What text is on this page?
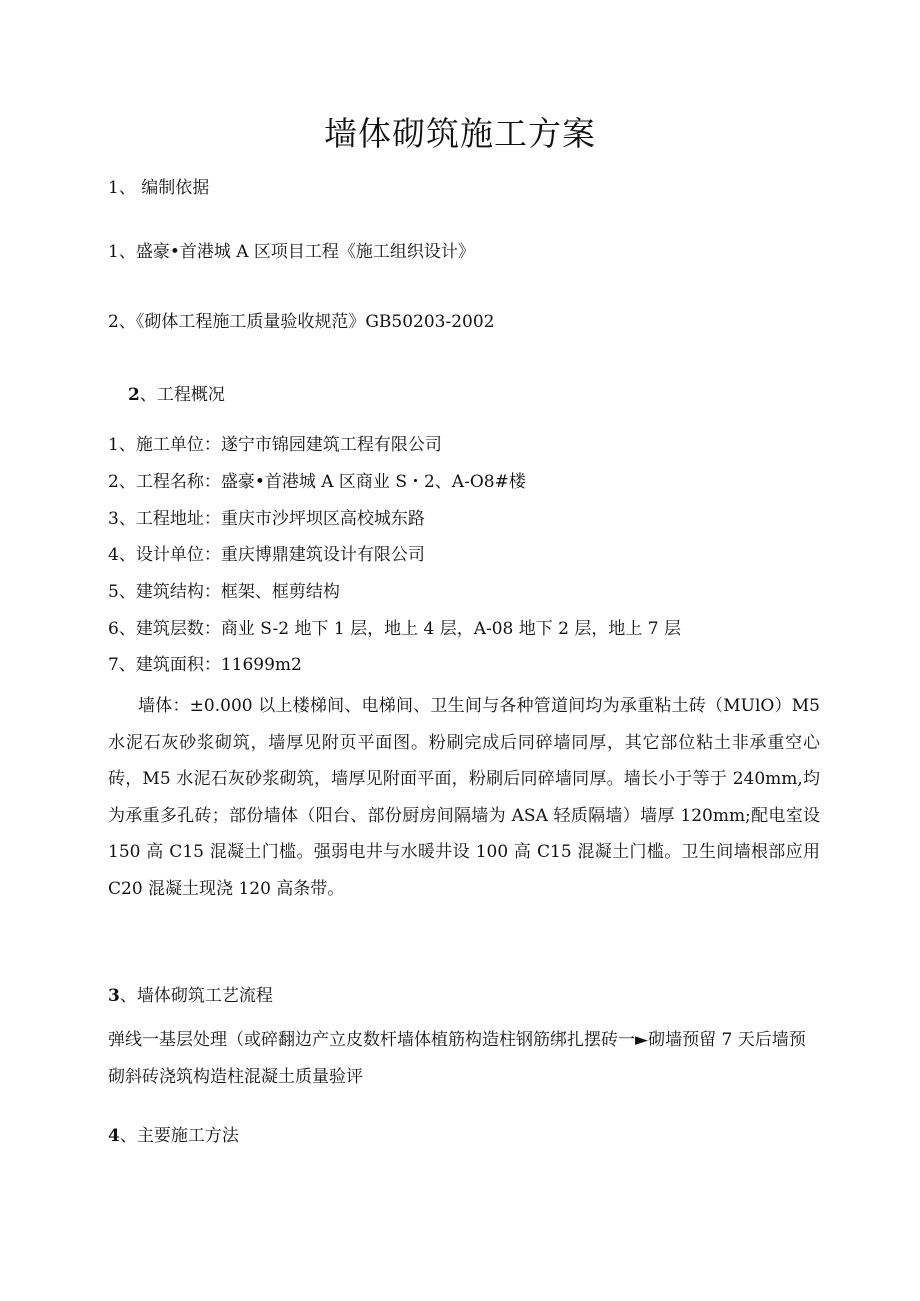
墙体砌筑施工方案
1、 编制依据
1、盛豪•首港城 A 区项目工程《施工组织设计》
2、《砌体工程施工质量验收规范》GB50203-2002
2、工程概况
1、施工单位：遂宁市锦园建筑工程有限公司
2、工程名称：盛豪•首港城 A 区商业 S・2、A-O8#楼
3、工程地址：重庆市沙坪坝区高校城东路
4、设计单位：重庆博鼎建筑设计有限公司
5、建筑结构：框架、框剪结构
6、建筑层数：商业 S-2 地下 1 层，地上 4 层，A-08 地下 2 层，地上 7 层
7、建筑面积：11699m2
墙体：±0.000 以上楼梯间、电梯间、卫生间与各种管道间均为承重粘土砖（MUlO）M5 水泥石灰砂浆砌筑，墙厚见附页平面图。粉刷完成后同碎墙同厚，其它部位粘土非承重空心砖，M5 水泥石灰砂浆砌筑，墙厚见附面平面，粉刷后同碎墙同厚。墙长小于等于 240mm,均为承重多孔砖；部份墙体（阳台、部份厨房间隔墙为 ASA 轻质隔墙）墙厚 120mm;配电室设 150 高 C15 混凝土门槛。强弱电井与水暖井设 100 高 C15 混凝土门槛。卫生间墙根部应用 C20 混凝土现浇 120 高条带。
3、墙体砌筑工艺流程
弹线一基层处理（或碎翻边产立皮数杆墙体植筋构造柱钢筋绑扎摆砖一►砌墙预留 7 天后墙预砌斜砖浇筑构造柱混凝土质量验评
4、主要施工方法
